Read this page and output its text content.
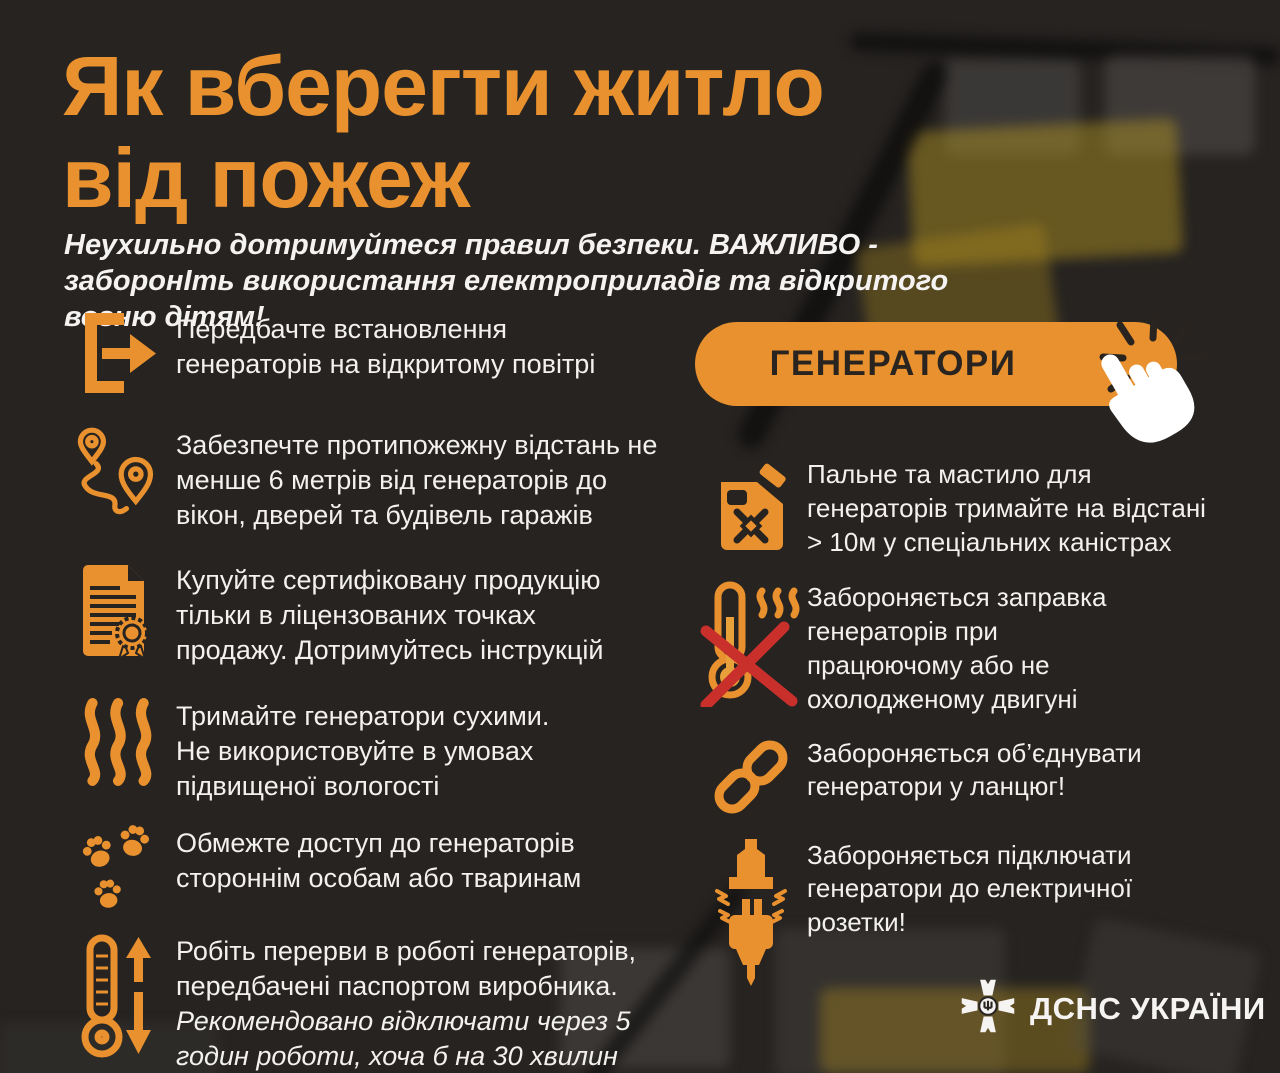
Як вберегти житло
від пожеж
Неухильно дотримуйтеся правил безпеки. ВАЖЛИВО - заборонІть використання електроприладів та відкритого вогню дітям!
Передбачте встановлення генераторів на відкритому повітрі
Забезпечте протипожежну відстань не менше 6 метрів від генераторів до вікон, дверей та будівель гаражів
Купуйте сертифіковану продукцію тільки в ліцензованих точках продажу. Дотримуйтесь інструкцій
Тримайте генератори сухими. Не використовуйте в умовах підвищеної вологості
Обмежте доступ до генераторів стороннім особам або тваринам
Робіть перерви в роботі генераторів, передбачені паспортом виробника.
Рекомендовано відключати через 5 годин роботи, хоча б на 30 хвилин
ГЕНЕРАТОРИ
Пальне та мастило для генераторів тримайте на відстані > 10м у спеціальних каністрах
Забороняється заправка генераторів при працюючому або не охолодженому двигуні
Забороняється об’єднувати генератори у ланцюг!
Забороняється підключати генератори до електричної розетки!
ДСНС УКРАЇНИ
